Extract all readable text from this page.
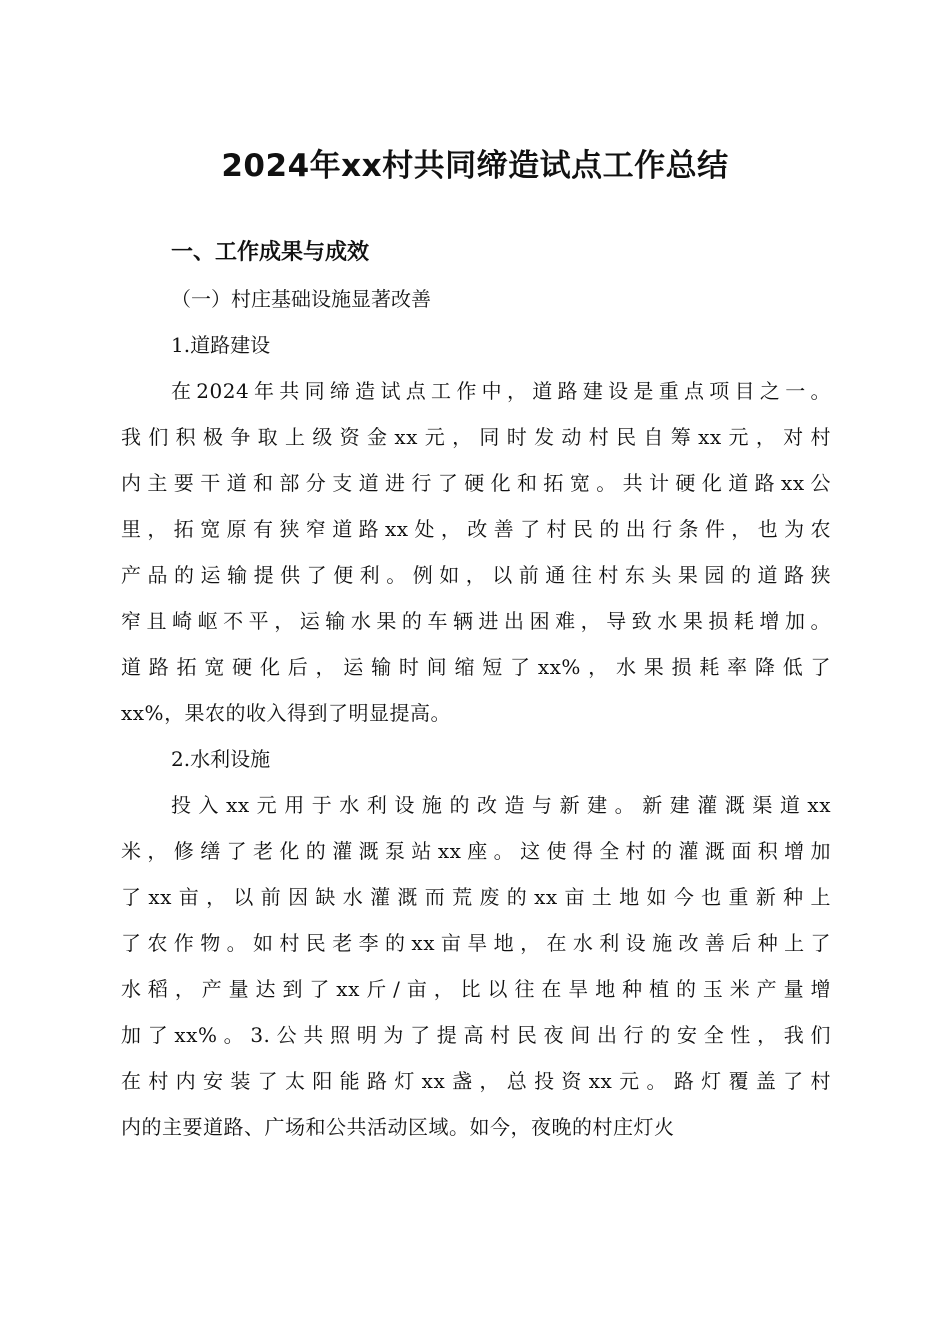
2024年xx村共同缔造试点工作总结
一、工作成果与成效
（一）村庄基础设施显著改善
1.道路建设
在2024年共同缔造试点工作中，道路建设是重点项目之一。
我们积极争取上级资金xx元，同时发动村民自筹xx元，对村
内主要干道和部分支道进行了硬化和拓宽。共计硬化道路xx公
里，拓宽原有狭窄道路xx处，改善了村民的出行条件，也为农
产品的运输提供了便利。例如，以前通往村东头果园的道路狭
窄且崎岖不平，运输水果的车辆进出困难，导致水果损耗增加。
道路拓宽硬化后，运输时间缩短了xx%，水果损耗率降低了
xx%，果农的收入得到了明显提高。
2.水利设施
投入xx元用于水利设施的改造与新建。新建灌溉渠道xx
米，修缮了老化的灌溉泵站xx座。这使得全村的灌溉面积增加
了xx亩，以前因缺水灌溉而荒废的xx亩土地如今也重新种上
了农作物。如村民老李的xx亩旱地，在水利设施改善后种上了
水稻，产量达到了xx斤/亩，比以往在旱地种植的玉米产量增
加了xx%。3.公共照明为了提高村民夜间出行的安全性，我们
在村内安装了太阳能路灯xx盏，总投资xx元。路灯覆盖了村
内的主要道路、广场和公共活动区域。如今，夜晚的村庄灯火
